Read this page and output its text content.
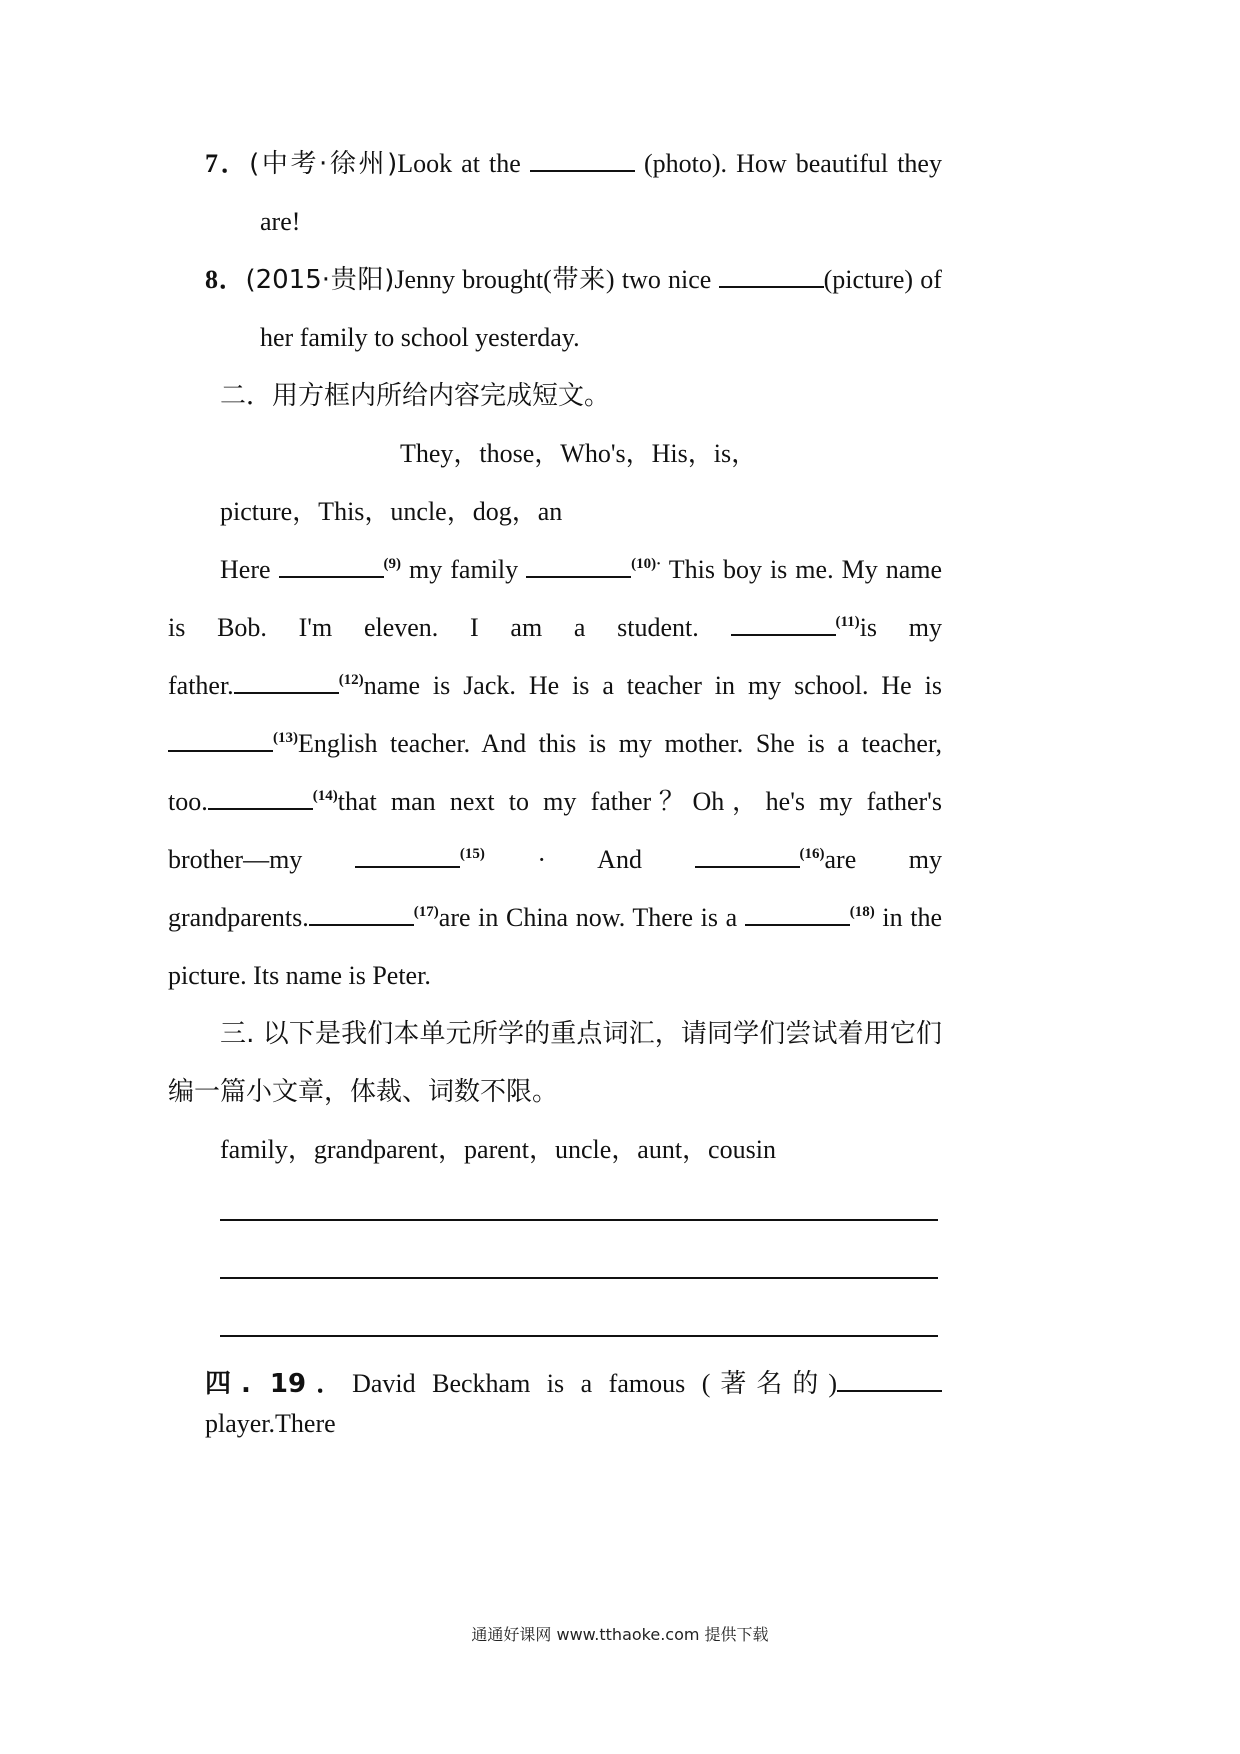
7．(中考·徐州)Look at the	(photo). How beautiful they
are!
8．(2015·贵阳)Jenny brought(带来) two nice	(picture) of
her family to school yesterday.
二．用方框内所给内容完成短文。
They，those，Who's，His，is，
picture，This，uncle，dog，an
Here	$^{(9)}$ my family	$^{(10)\cdot}$ This boy is me. My name
is Bob. I'm eleven. I am a student.	$^{(11)}$is my
father.	$^{(12)}$name is Jack. He is a teacher in my school. He is
$^{(13)}$English teacher. And this is my mother. She is a teacher,
too.	$^{(14)}$that man next to my father？Oh，he's my father's
brother—my	$^{(15)}$ · And	$^{(16)}$are my
grandparents.	$^{(17)}$are in China now. There is a	$^{(18)}$ in the
picture. Its name is Peter.
三. 以下是我们本单元所学的重点词汇，请同学们尝试着用它们
编一篇小文章，体裁、词数不限。
family，grandparent，parent，uncle，aunt，cousin
四. 19．David Beckham is a famous (著名的) player.There
通通好课网 www.tthaoke.com 提供下载
